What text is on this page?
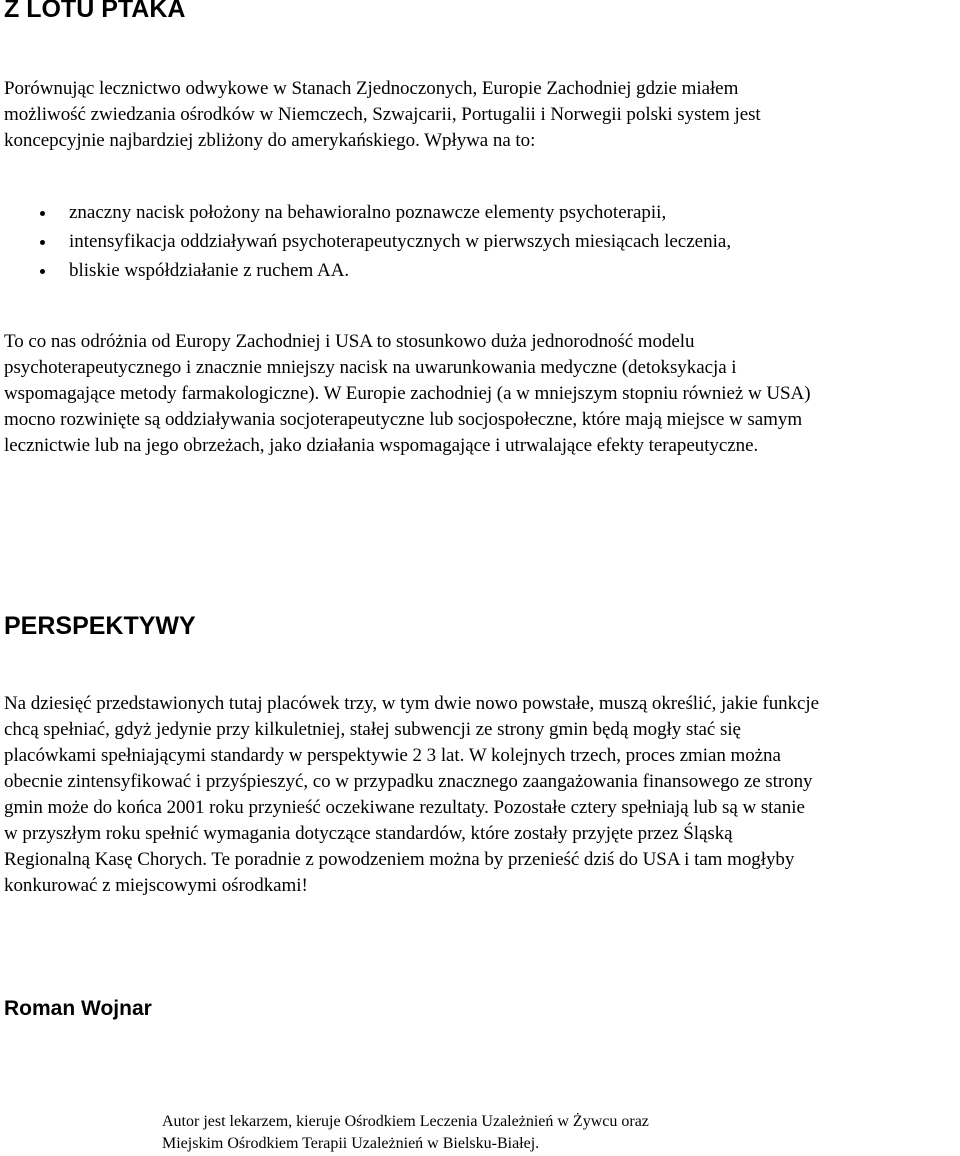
Z LOTU PTAKA

Porównując lecznictwo odwykowe w Stanach Zjednoczonych, Europie Zachodniej gdzie miałem
możliwość zwiedzania ośrodków w Niemczech, Szwajcarii, Portugalii i Norwegii polski system jest
koncepcyjnie najbardziej zbliżony do amerykańskiego. Wpływa na to:

znaczny nacisk położony na behawioralno poznawcze elementy psychoterapii,
intensyfikacja oddziaływań psychoterapeutycznych w pierwszych miesiącach leczenia,
bliskie współdziałanie z ruchem AA.

To co nas odróżnia od Europy Zachodniej i USA to stosunkowo duża jednorodność modelu
psychoterapeutycznego i znacznie mniejszy nacisk na uwarunkowania medyczne (detoksykacja i
wspomagające metody farmakologiczne). W Europie zachodniej (a w mniejszym stopniu również w USA)
mocno rozwinięte są oddziaływania socjoterapeutyczne lub socjospołeczne, które mają miejsce w samym
lecznictwie lub na jego obrzeżach, jako działania wspomagające i utrwalające efekty terapeutyczne.

PERSPEKTYWY

Na dziesięć przedstawionych tutaj placówek trzy, w tym dwie nowo powstałe, muszą określić, jakie funkcje
chcą spełniać, gdyż jedynie przy kilkuletniej, stałej subwencji ze strony gmin będą mogły stać się
placówkami spełniającymi standardy w perspektywie 2 3 lat. W kolejnych trzech, proces zmian można
obecnie zintensyfikować i przyśpieszyć, co w przypadku znacznego zaangażowania finansowego ze strony
gmin może do końca 2001 roku przynieść oczekiwane rezultaty. Pozostałe cztery spełniają lub są w stanie
w przyszłym roku spełnić wymagania dotyczące standardów, które zostały przyjęte przez Śląską
Regionalną Kasę Chorych. Te poradnie z powodzeniem można by przenieść dziś do USA i tam mogłyby
konkurować z miejscowymi ośrodkami!

Roman Wojnar

Autor jest lekarzem, kieruje Ośrodkiem Leczenia Uzależnień w Żywcu oraz
Miejskim Ośrodkiem Terapii Uzależnień w Bielsku-Białej.
